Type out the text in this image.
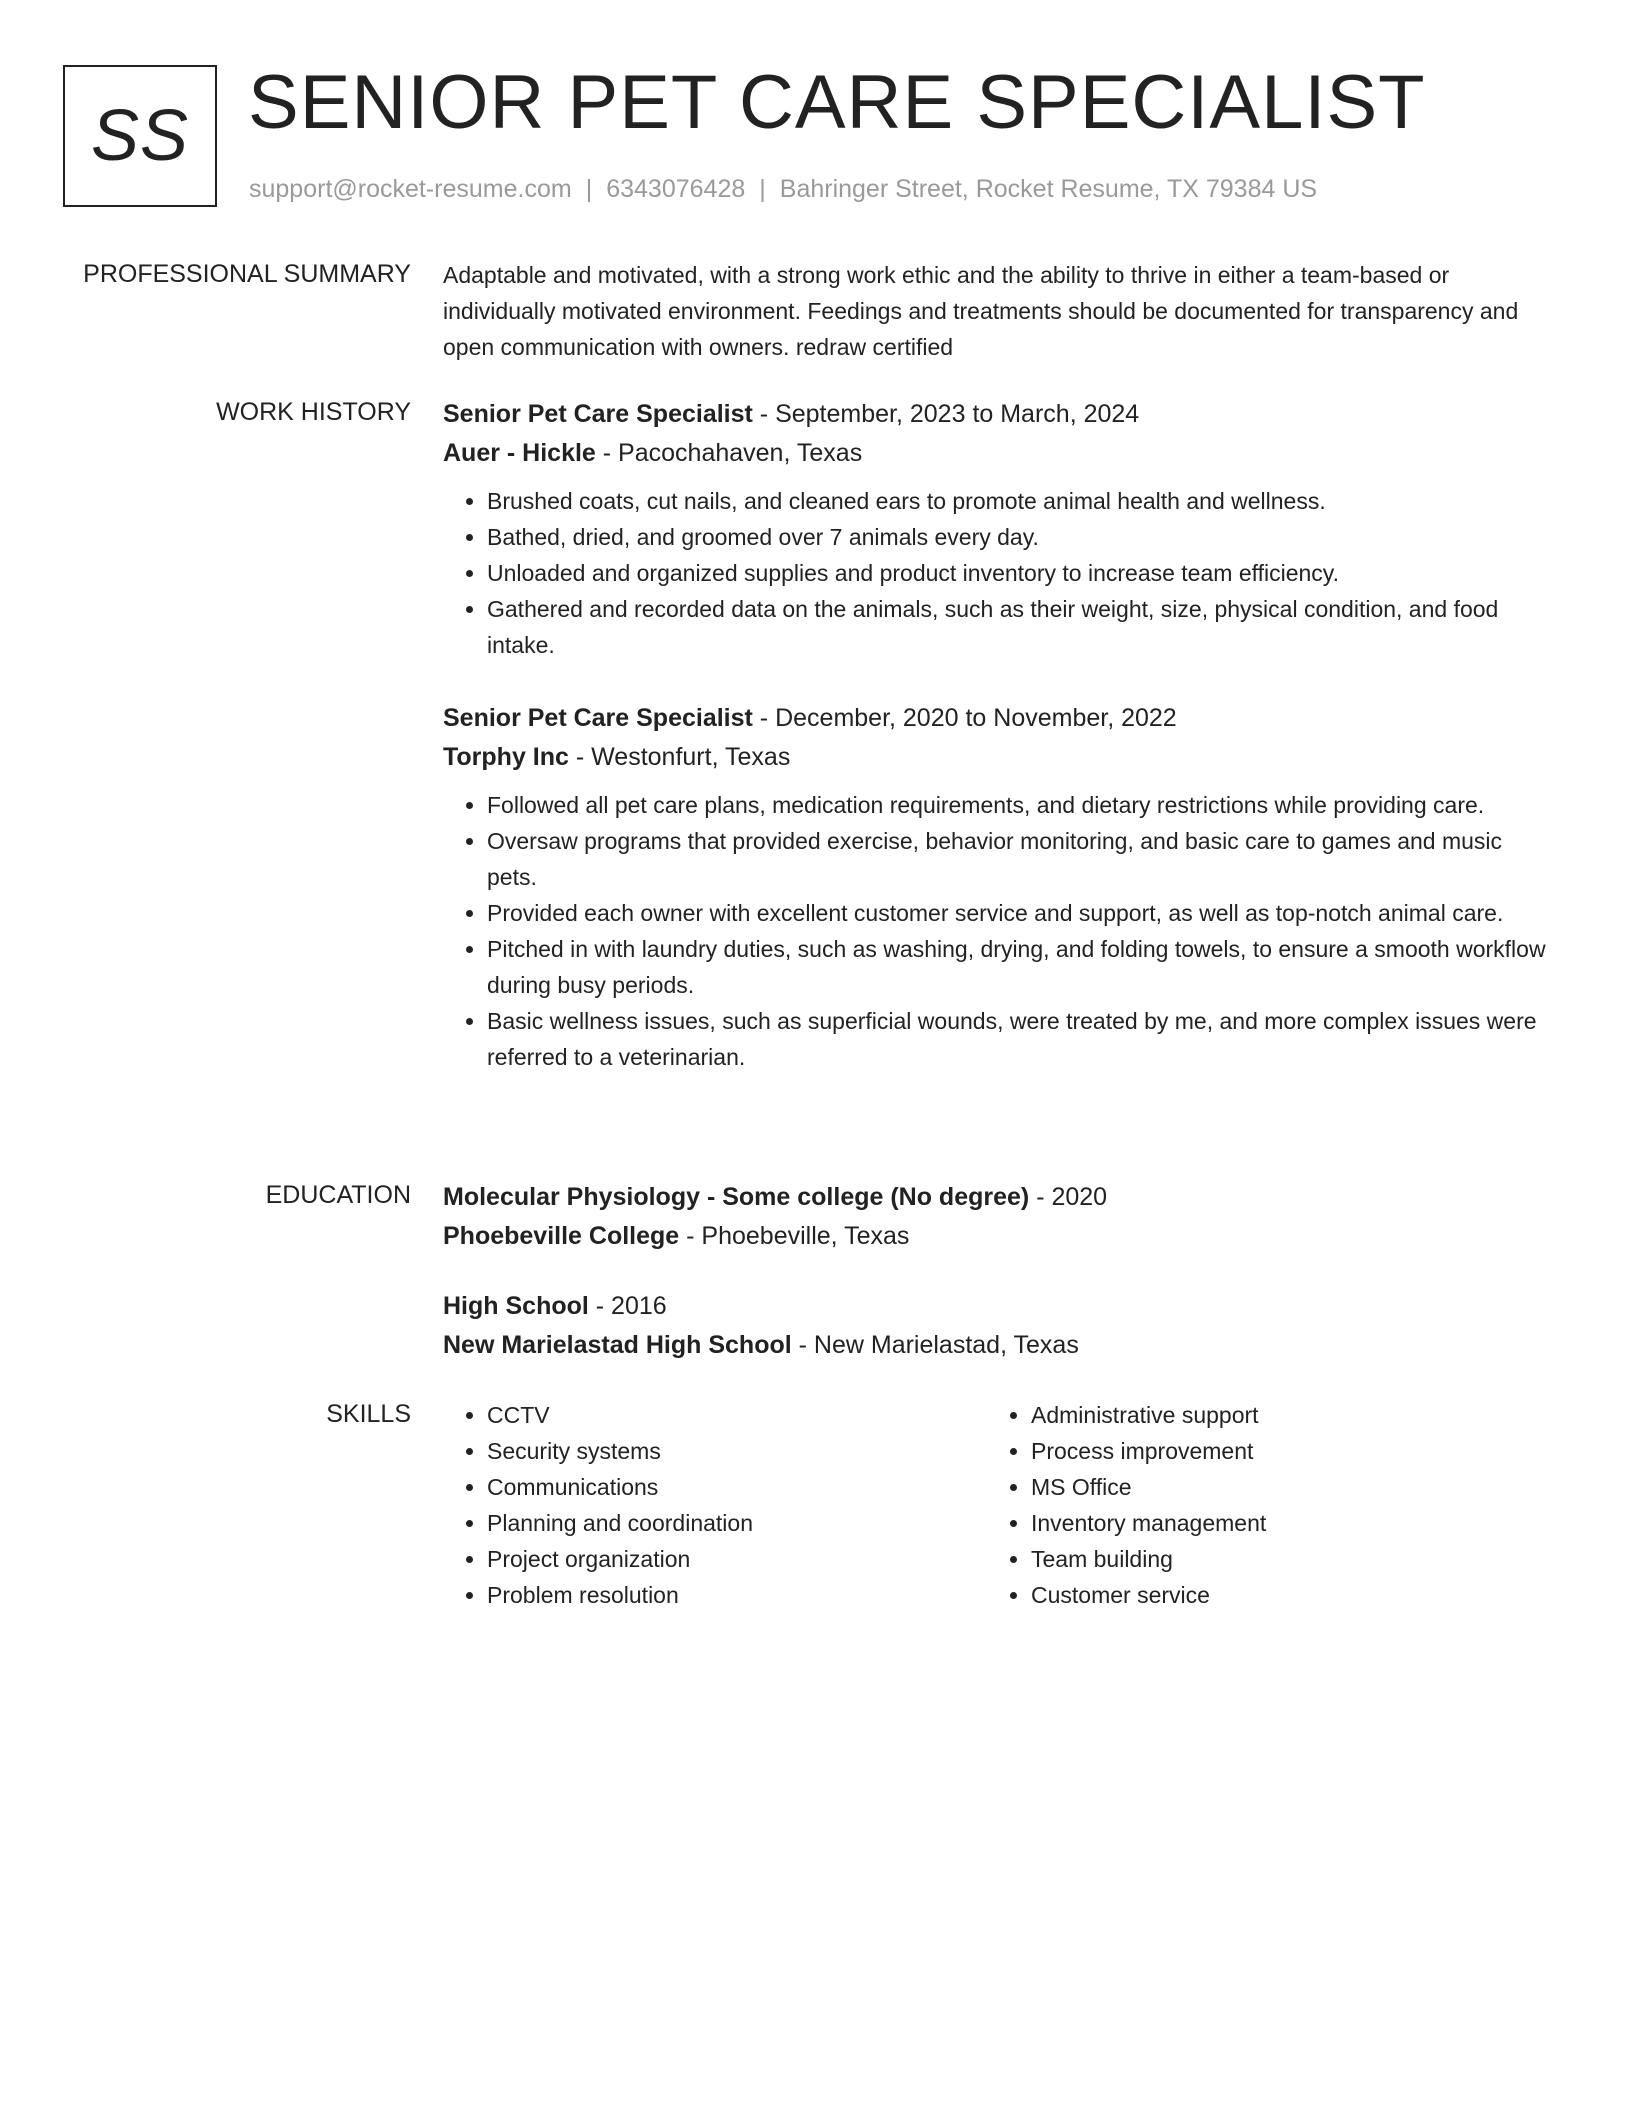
SS SENIOR PET CARE SPECIALIST
support@rocket-resume.com | 6343076428 | Bahringer Street, Rocket Resume, TX 79384 US
PROFESSIONAL SUMMARY Adaptable and motivated, with a strong work ethic and the ability to thrive in either a team-based or individually motivated environment. Feedings and treatments should be documented for transparency and open communication with owners. redraw certified
WORK HISTORY Senior Pet Care Specialist - September, 2023 to March, 2024
Auer - Hickle - Pacochahaven, Texas
• Brushed coats, cut nails, and cleaned ears to promote animal health and wellness.
• Bathed, dried, and groomed over 7 animals every day.
• Unloaded and organized supplies and product inventory to increase team efficiency.
• Gathered and recorded data on the animals, such as their weight, size, physical condition, and food intake.
Senior Pet Care Specialist - December, 2020 to November, 2022
Torphy Inc - Westonfurt, Texas
• Followed all pet care plans, medication requirements, and dietary restrictions while providing care.
• Oversaw programs that provided exercise, behavior monitoring, and basic care to games and music pets.
• Provided each owner with excellent customer service and support, as well as top-notch animal care.
• Pitched in with laundry duties, such as washing, drying, and folding towels, to ensure a smooth workflow during busy periods.
• Basic wellness issues, such as superficial wounds, were treated by me, and more complex issues were referred to a veterinarian.
EDUCATION Molecular Physiology - Some college (No degree) - 2020
Phoebeville College - Phoebeville, Texas
High School - 2016
New Marielastad High School - New Marielastad, Texas
SKILLS
•	CCTV
• Security systems
• Communications
• Planning and coordination
• Project organization
• Problem resolution
• Administrative support
• Process improvement
• MS Office
• Inventory management
• Team building
• Customer service
